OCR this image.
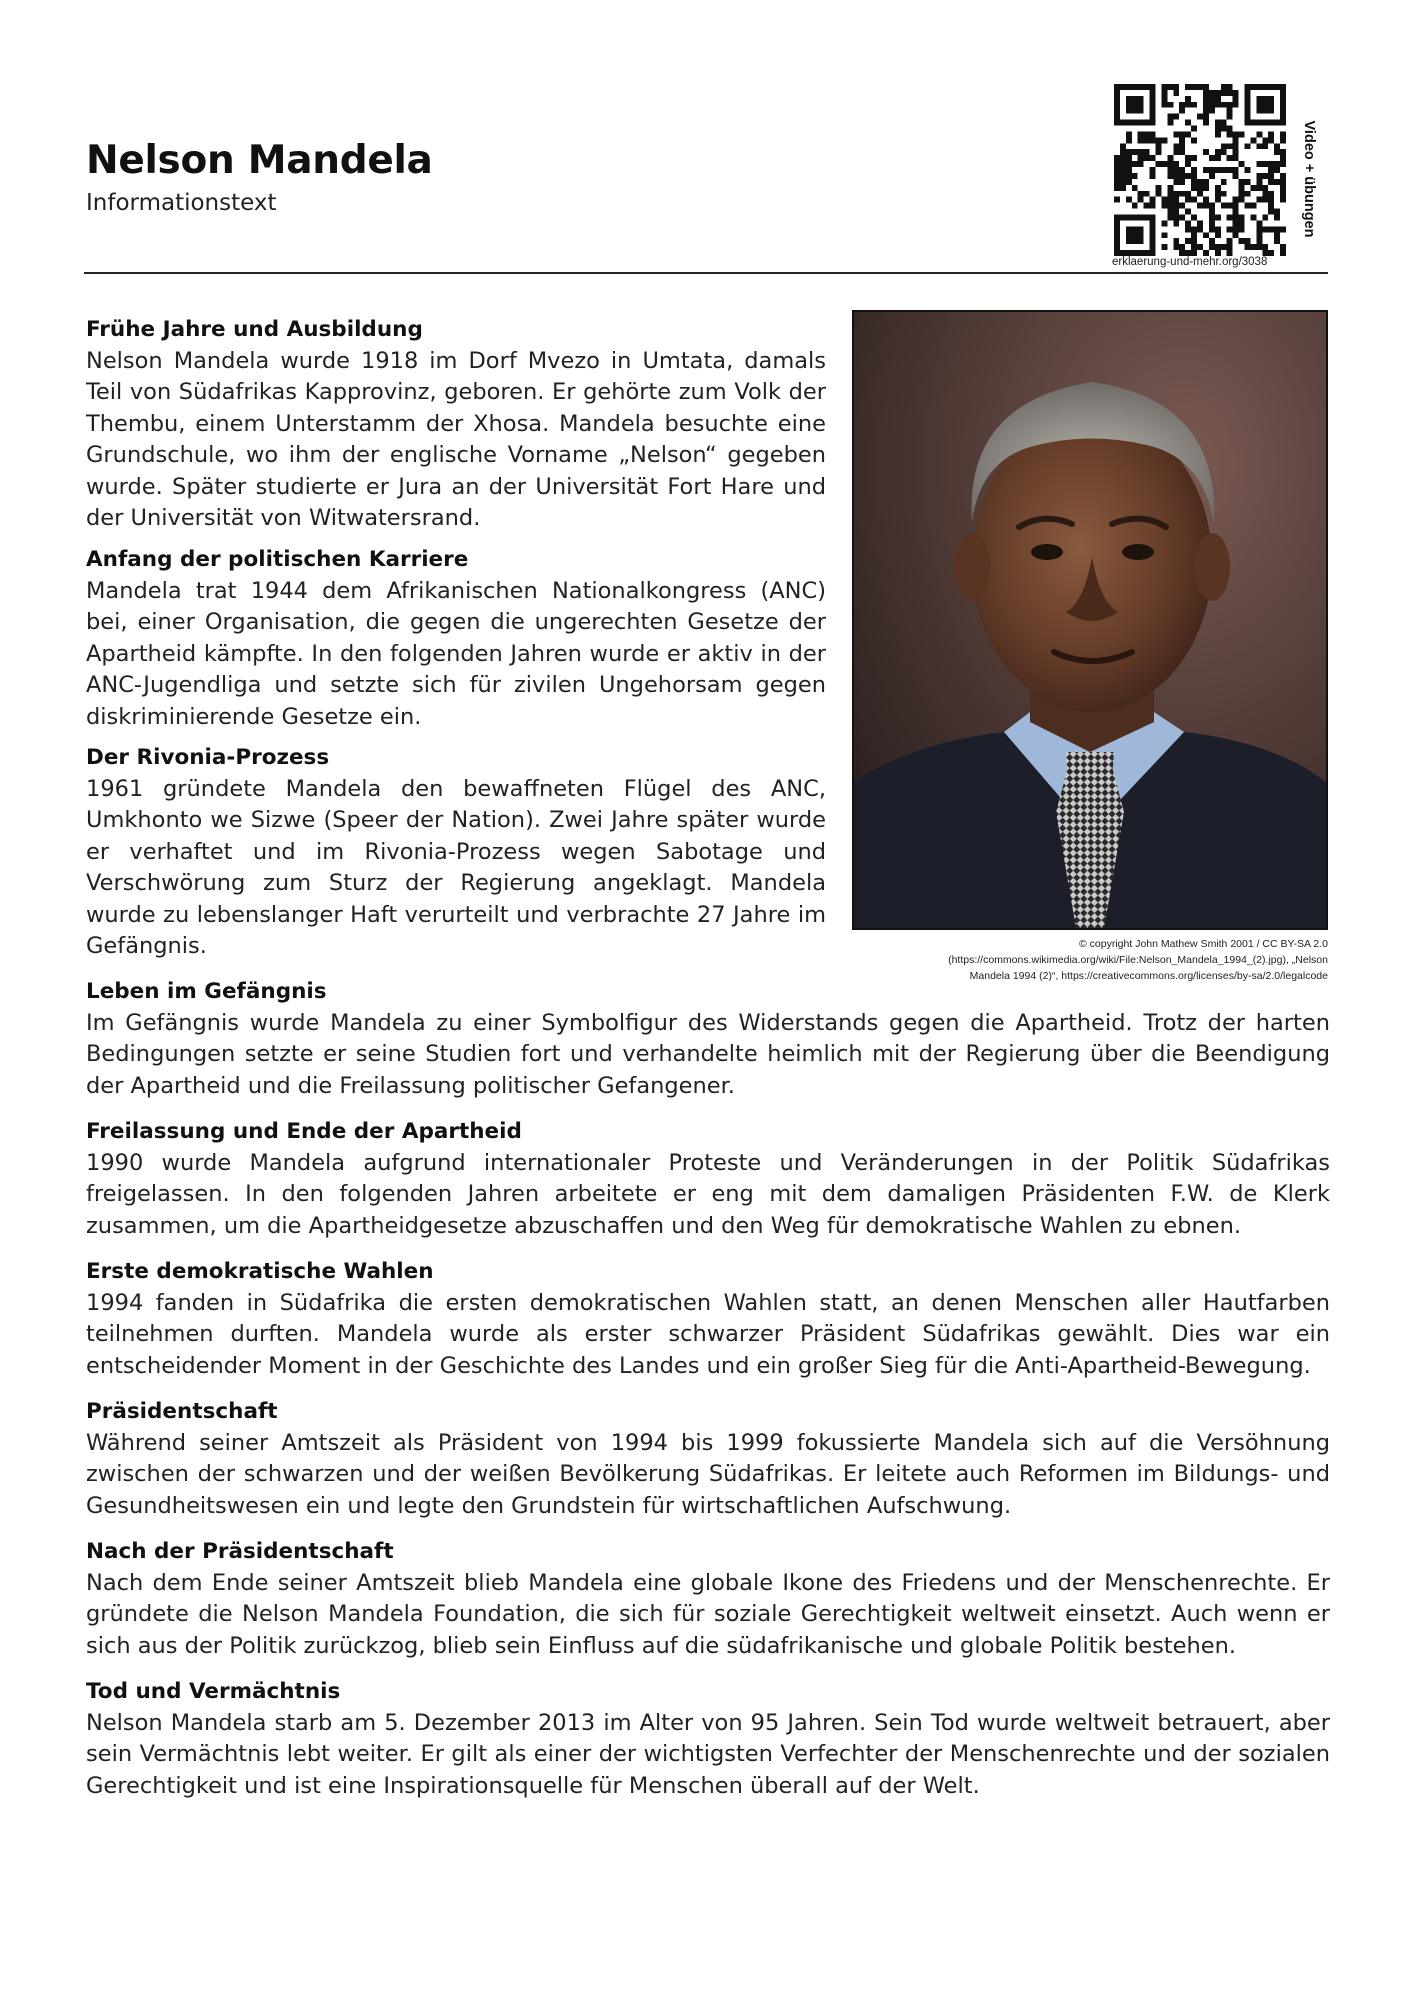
Nelson Mandela
Informationstext
erklaerung-und-mehr.org/3038
Video + übungen
© copyright John Mathew Smith 2001 / CC BY-SA 2.0
(https://commons.wikimedia.org/wiki/File:Nelson_Mandela_1994_(2).jpg), „Nelson
Mandela 1994 (2)“, https://creativecommons.org/licenses/by-sa/2.0/legalcode
Frühe Jahre und Ausbildung

Nelson Mandela wurde 1918 im Dorf Mvezo in Umtata, damals Teil von Südafrikas Kapprovinz, geboren. Er gehörte zum Volk der Thembu, einem Unterstamm der Xhosa. Mandela besuchte eine Grundschule, wo ihm der englische Vorname „Nelson“ gegeben wurde. Später studierte er Jura an der Universität Fort Hare und der Universität von Witwatersrand.

Anfang der politischen Karriere

Mandela trat 1944 dem Afrikanischen Nationalkongress (ANC) bei, einer Organisation, die gegen die ungerechten Gesetze der Apartheid kämpfte. In den folgenden Jahren wurde er aktiv in der ANC-Jugendliga und setzte sich für zivilen Ungehorsam gegen diskriminierende Gesetze ein.

Der Rivonia-Prozess

1961 gründete Mandela den bewaffneten Flügel des ANC, Umkhonto we Sizwe (Speer der Nation). Zwei Jahre später wurde er verhaftet und im Rivonia-Prozess wegen Sabotage und Verschwörung zum Sturz der Regierung angeklagt. Mandela wurde zu lebenslanger Haft verurteilt und verbrachte 27 Jahre im Gefängnis.

Leben im Gefängnis

Im Gefängnis wurde Mandela zu einer Symbolfigur des Widerstands gegen die Apartheid. Trotz der harten Bedingungen setzte er seine Studien fort und verhandelte heimlich mit der Regierung über die Beendigung der Apartheid und die Freilassung politischer Gefangener.

Freilassung und Ende der Apartheid

1990 wurde Mandela aufgrund internationaler Proteste und Veränderungen in der Politik Südafrikas freigelassen. In den folgenden Jahren arbeitete er eng mit dem damaligen Präsidenten F.W. de Klerk zusammen, um die Apartheidgesetze abzuschaffen und den Weg für demokratische Wahlen zu ebnen.

Erste demokratische Wahlen

1994 fanden in Südafrika die ersten demokratischen Wahlen statt, an denen Menschen aller Hautfarben teilnehmen durften. Mandela wurde als erster schwarzer Präsident Südafrikas gewählt. Dies war ein entscheidender Moment in der Geschichte des Landes und ein großer Sieg für die Anti-Apartheid-Bewegung.

Präsidentschaft

Während seiner Amtszeit als Präsident von 1994 bis 1999 fokussierte Mandela sich auf die Versöhnung zwischen der schwarzen und der weißen Bevölkerung Südafrikas. Er leitete auch Reformen im Bildungs- und Gesundheitswesen ein und legte den Grundstein für wirtschaftlichen Aufschwung.

Nach der Präsidentschaft

Nach dem Ende seiner Amtszeit blieb Mandela eine globale Ikone des Friedens und der Menschenrechte. Er gründete die Nelson Mandela Foundation, die sich für soziale Gerechtigkeit weltweit einsetzt. Auch wenn er sich aus der Politik zurückzog, blieb sein Einfluss auf die südafrikanische und globale Politik bestehen.

Tod und Vermächtnis

Nelson Mandela starb am 5. Dezember 2013 im Alter von 95 Jahren. Sein Tod wurde weltweit betrauert, aber sein Vermächtnis lebt weiter. Er gilt als einer der wichtigsten Verfechter der Menschenrechte und der sozialen Gerechtigkeit und ist eine Inspirationsquelle für Menschen überall auf der Welt.
